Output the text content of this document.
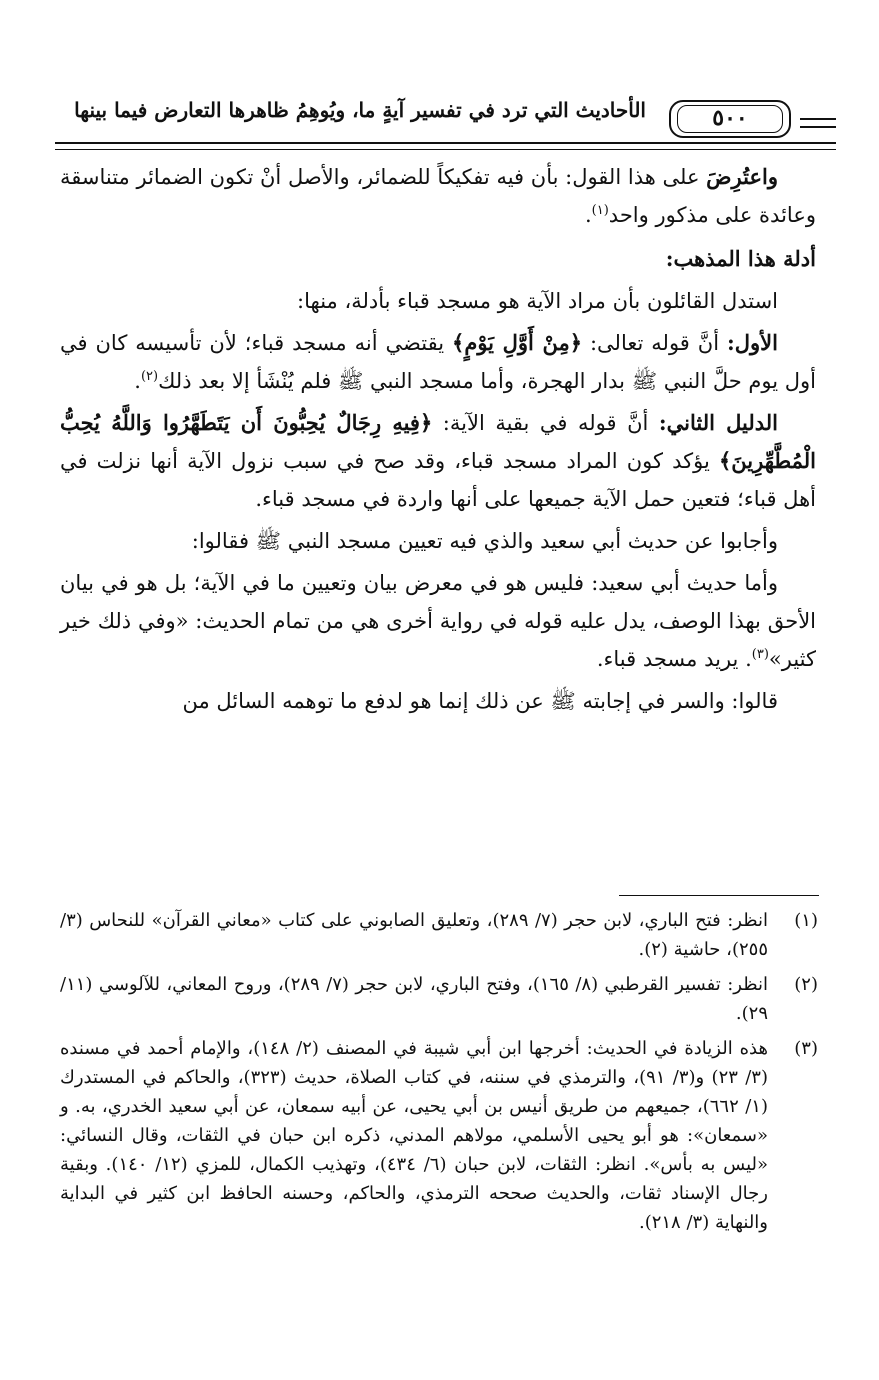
الأحاديث التي ترد في تفسير آيةٍ ما، ويُوهِمُ ظاهرها التعارض فيما بينها	٥٠٠

واعتُرِضَ على هذا القول: بأن فيه تفكيكاً للضمائر، والأصل أنْ تكون الضمائر متناسقة وعائدة على مذكور واحد$^{(١)}$.

أدلة هذا المذهب:

استدل القائلون بأن مراد الآية هو مسجد قباء بأدلة، منها:

الأول: أنَّ قوله تعالى: ﴿مِنْ أَوَّلِ يَوْمٍ﴾ يقتضي أنه مسجد قباء؛ لأن تأسيسه كان في أول يوم حلَّ النبي ﷺ بدار الهجرة، وأما مسجد النبي ﷺ فلم يُنْشَأ إلا بعد ذلك$^{(٢)}$.

الدليل الثاني: أنَّ قوله في بقية الآية: ﴿فِيهِ رِجَالٌ يُحِبُّونَ أَن يَتَطَهَّرُوا وَاللَّهُ يُحِبُّ الْمُطَّهِّرِينَ﴾ يؤكد كون المراد مسجد قباء، وقد صح في سبب نزول الآية أنها نزلت في أهل قباء؛ فتعين حمل الآية جميعها على أنها واردة في مسجد قباء.

وأجابوا عن حديث أبي سعيد والذي فيه تعيين مسجد النبي ﷺ فقالوا:

وأما حديث أبي سعيد: فليس هو في معرض بيان وتعيين ما في الآية؛ بل هو في بيان الأحق بهذا الوصف، يدل عليه قوله في رواية أخرى هي من تمام الحديث: «وفي ذلك خير كثير»$^{(٣)}$. يريد مسجد قباء.

قالوا: والسر في إجابته ﷺ عن ذلك إنما هو لدفع ما توهمه السائل من

(١)
انظر: فتح الباري، لابن حجر (٧/ ٢٨٩)، وتعليق الصابوني على كتاب «معاني القرآن» للنحاس (٣/ ٢٥٥)، حاشية (٢).
(٢)
انظر: تفسير القرطبي (٨/ ١٦٥)، وفتح الباري، لابن حجر (٧/ ٢٨٩)، وروح المعاني، للآلوسي (١١/ ٢٩).
(٣)
هذه الزيادة في الحديث: أخرجها ابن أبي شيبة في المصنف (٢/ ١٤٨)، والإمام أحمد في مسنده (٣/ ٢٣) و(٣/ ٩١)، والترمذي في سننه، في كتاب الصلاة، حديث (٣٢٣)، والحاكم في المستدرك (١/ ٦٦٢)، جميعهم من طريق أنيس بن أبي يحيى، عن أبيه سمعان، عن أبي سعيد الخدري، به. و «سمعان»: هو أبو يحيى الأسلمي، مولاهم المدني، ذكره ابن حبان في الثقات، وقال النسائي: «ليس به بأس». انظر: الثقات، لابن حبان (٦/ ٤٣٤)، وتهذيب الكمال، للمزي (١٢/ ١٤٠). وبقية رجال الإسناد ثقات، والحديث صححه الترمذي، والحاكم، وحسنه الحافظ ابن كثير في البداية والنهاية (٣/ ٢١٨).
